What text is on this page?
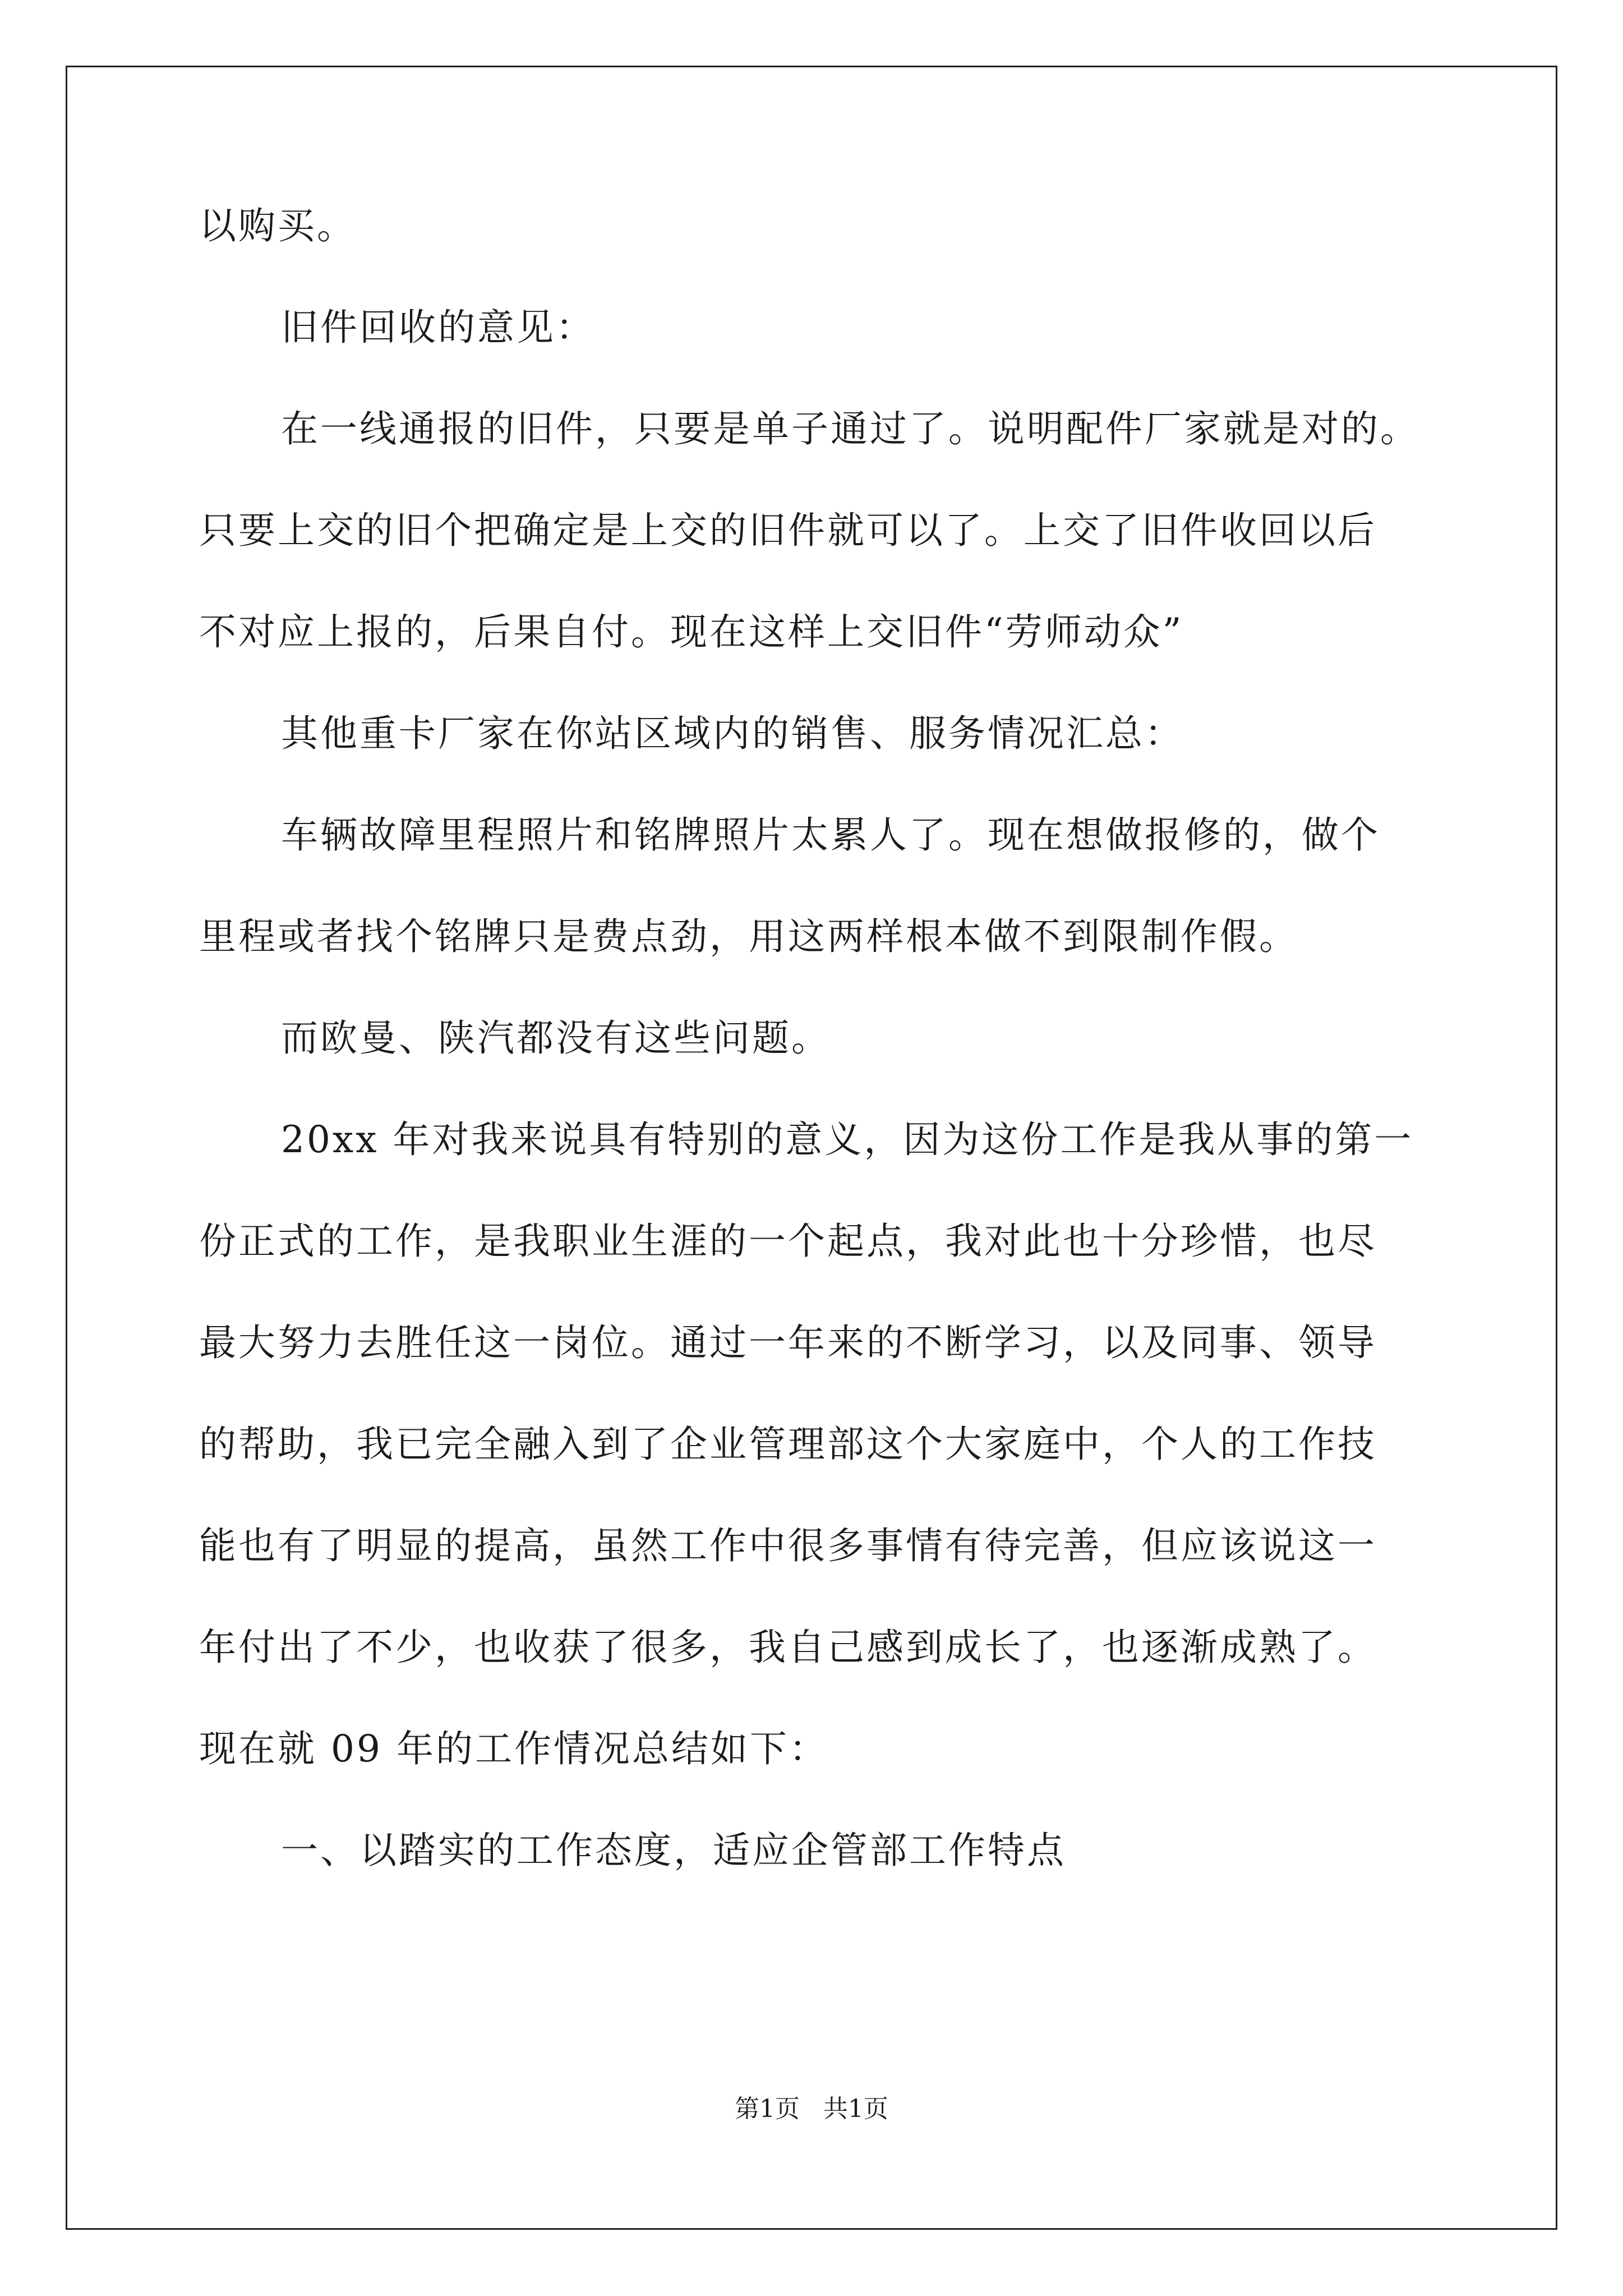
以购买。
旧件回收的意见：
在一线通报的旧件，只要是单子通过了。说明配件厂家就是对的。
只要上交的旧个把确定是上交的旧件就可以了。上交了旧件收回以后
不对应上报的，后果自付。现在这样上交旧件“劳师动众”
其他重卡厂家在你站区域内的销售、服务情况汇总：
车辆故障里程照片和铭牌照片太累人了。现在想做报修的，做个
里程或者找个铭牌只是费点劲，用这两样根本做不到限制作假。
而欧曼、陕汽都没有这些问题。
20xx 年对我来说具有特别的意义，因为这份工作是我从事的第一
份正式的工作，是我职业生涯的一个起点，我对此也十分珍惜，也尽
最大努力去胜任这一岗位。通过一年来的不断学习，以及同事、领导
的帮助，我已完全融入到了企业管理部这个大家庭中，个人的工作技
能也有了明显的提高，虽然工作中很多事情有待完善，但应该说这一
年付出了不少，也收获了很多，我自己感到成长了，也逐渐成熟了。
现在就 09 年的工作情况总结如下：
一、以踏实的工作态度，适应企管部工作特点
第1页   共1页
